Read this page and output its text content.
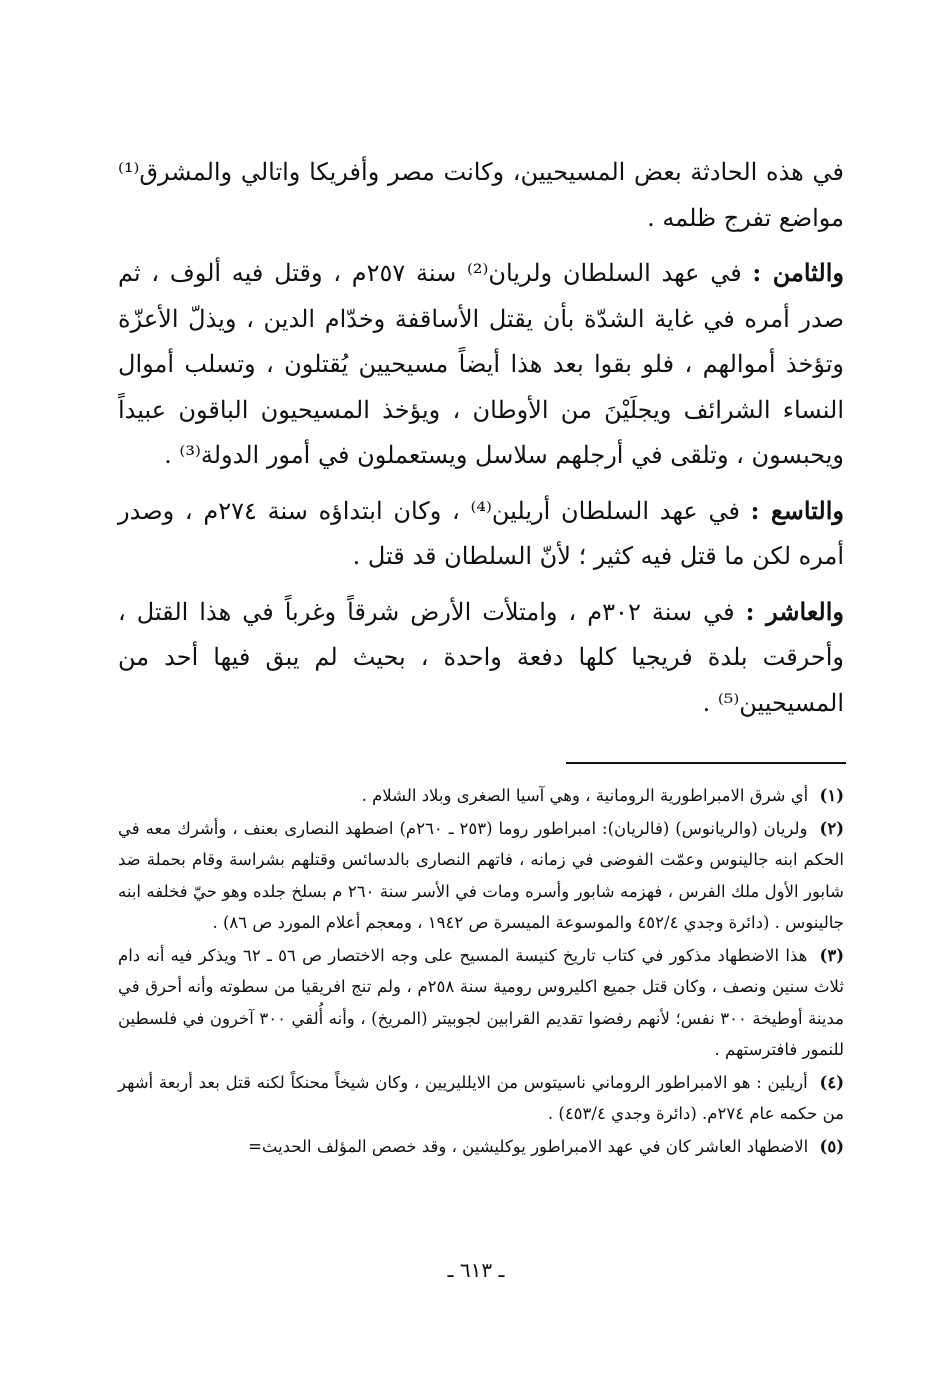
في هذه الحادثة بعض المسيحيين، وكانت مصر وأفريكا واتالي والمشرق⁽¹⁾ مواضع تفرج ظلمه .

والثامن : في عهد السلطان ولريان⁽²⁾ سنة ٢٥٧م ، وقتل فيه ألوف ، ثم صدر أمره في غاية الشدّة بأن يقتل الأساقفة وخدّام الدين ، ويذلّ الأعزّة وتؤخذ أموالهم ، فلو بقوا بعد هذا أيضاً مسيحيين يُقتلون ، وتسلب أموال النساء الشرائف ويجلَيْنَ من الأوطان ، ويؤخذ المسيحيون الباقون عبيداً ويحبسون ، وتلقى في أرجلهم سلاسل ويستعملون في أمور الدولة⁽³⁾ .

والتاسع : في عهد السلطان أريلين⁽⁴⁾ ، وكان ابتداؤه سنة ٢٧٤م ، وصدر أمره لكن ما قتل فيه كثير ؛ لأنّ السلطان قد قتل .

والعاشر : في سنة ٣٠٢م ، وامتلأت الأرض شرقاً وغرباً في هذا القتل ، وأحرقت بلدة فريجيا كلها دفعة واحدة ، بحيث لم يبق فيها أحد من المسيحيين⁽⁵⁾ .

(١) أي شرق الامبراطورية الرومانية ، وهي آسيا الصغرى وبلاد الشلام .

(٢) ولريان (والريانوس) (فالريان): امبراطور روما (٢٥٣ ـ ٢٦٠م) اضطهد النصارى بعنف ، وأشرك معه في الحكم ابنه جالينوس وعمّت الفوضى في زمانه ، فاتهم النصارى بالدسائس وقتلهم بشراسة وقام بحملة ضد شابور الأول ملك الفرس ، فهزمه شابور وأسره ومات في الأسر سنة ٢٦٠ م بسلخ جلده وهو حيّ فخلفه ابنه جالينوس . (دائرة وجدي ٤٥٢/٤ والموسوعة الميسرة ص ١٩٤٢ ، ومعجم أعلام المورد ص ٨٦) .

(٣) هذا الاضطهاد مذكور في كتاب تاريخ كنيسة المسيح على وجه الاختصار ص ٥٦ ـ ٦٢ ويذكر فيه أنه دام ثلاث سنين ونصف ، وكان قتل جميع اكليروس رومية سنة ٢٥٨م ، ولم تنج افريقيا من سطوته وأنه أحرق في مدينة أوطيخة ٣٠٠ نفس؛ لأنهم رفضوا تقديم القرابين لجوبيتر (المريخ) ، وأنه أُلقي ٣٠٠ آخرون في فلسطين للنمور فافترستهم .

(٤) أريلين : هو الامبراطور الروماني ناسيتوس من الايلليريين ، وكان شيخاً محنكاً لكنه قتل بعد أربعة أشهر من حكمه عام ٢٧٤م. (دائرة وجدي ٤٥٣/٤) .

(٥) الاضطهاد العاشر كان في عهد الامبراطور يوكليشين ، وقد خصص المؤلف الحديث=

ـ ٦١٣ ـ
